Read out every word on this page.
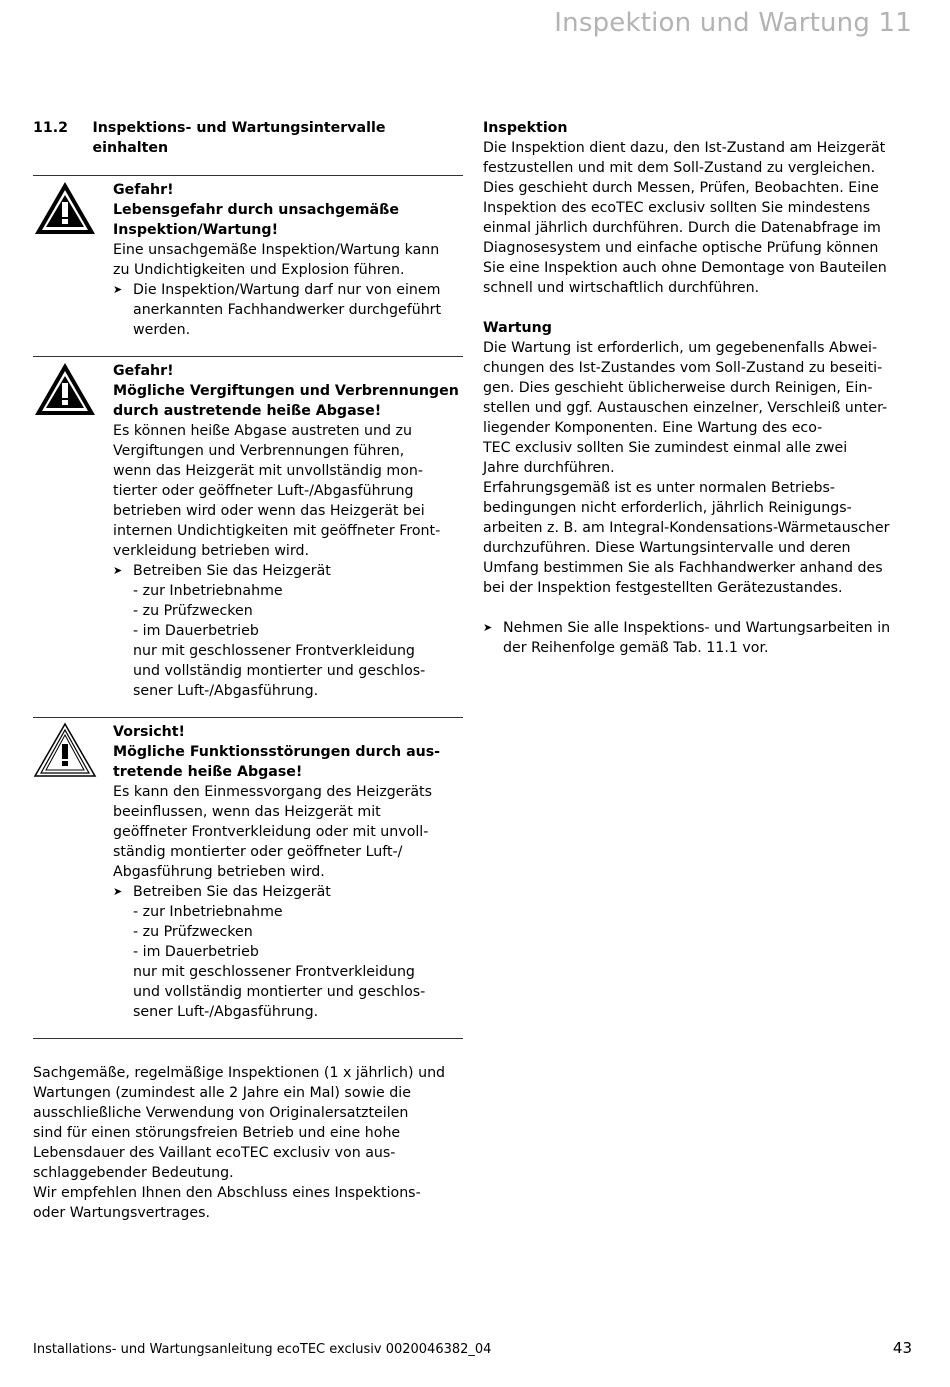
Inspektion und Wartung 11
11.2	Inspektions- und Wartungsintervalle einhalten
Gefahr!
Lebensgefahr durch unsachgemäße
Inspektion/Wartung!
Eine unsachgemäße Inspektion/Wartung kann
zu Undichtigkeiten und Explosion führen.
➤ Die Inspektion/Wartung darf nur von einem
anerkannten Fachhandwerker durchgeführt
werden.
Gefahr!
Mögliche Vergiftungen und Verbrennungen
durch austretende heiße Abgase!
Es können heiße Abgase austreten und zu
Vergiftungen und Verbrennungen führen,
wenn das Heizgerät mit unvollständig mon-
tierter oder geöffneter Luft-/Abgasführung
betrieben wird oder wenn das Heizgerät bei
internen Undichtigkeiten mit geöffneter Front-
verkleidung betrieben wird.
➤ Betreiben Sie das Heizgerät
- zur Inbetriebnahme
- zu Prüfzwecken
- im Dauerbetrieb
nur mit geschlossener Frontverkleidung
und vollständig montierter und geschlos-
sener Luft-/Abgasführung.
Vorsicht!
Mögliche Funktionsstörungen durch aus-
tretende heiße Abgase!
Es kann den Einmessvorgang des Heizgeräts
beeinflussen, wenn das Heizgerät mit
geöffneter Frontverkleidung oder mit unvoll-
ständig montierter oder geöffneter Luft-/
Abgasführung betrieben wird.
➤ Betreiben Sie das Heizgerät
- zur Inbetriebnahme
- zu Prüfzwecken
- im Dauerbetrieb
nur mit geschlossener Frontverkleidung
und vollständig montierter und geschlos-
sener Luft-/Abgasführung.
Sachgemäße, regelmäßige Inspektionen (1 x jährlich) und
Wartungen (zumindest alle 2 Jahre ein Mal) sowie die
ausschließliche Verwendung von Originalersatzteilen
sind für einen störungsfreien Betrieb und eine hohe
Lebensdauer des Vaillant ecoTEC exclusiv von aus-
schlaggebender Bedeutung.
Wir empfehlen Ihnen den Abschluss eines Inspektions-
oder Wartungsvertrages.
Inspektion
Die Inspektion dient dazu, den Ist-Zustand am Heizgerät
festzustellen und mit dem Soll-Zustand zu vergleichen.
Dies geschieht durch Messen, Prüfen, Beobachten. Eine
Inspektion des ecoTEC exclusiv sollten Sie mindestens
einmal jährlich durchführen. Durch die Datenabfrage im
Diagnosesystem und einfache optische Prüfung können
Sie eine Inspektion auch ohne Demontage von Bauteilen
schnell und wirtschaftlich durchführen.
Wartung
Die Wartung ist erforderlich, um gegebenenfalls Abwei-
chungen des Ist-Zustandes vom Soll-Zustand zu beseiti-
gen. Dies geschieht üblicherweise durch Reinigen, Ein-
stellen und ggf. Austauschen einzelner, Verschleiß unter-
liegender Komponenten. Eine Wartung des eco-
TEC exclusiv sollten Sie zumindest einmal alle zwei
Jahre durchführen.
Erfahrungsgemäß ist es unter normalen Betriebs-
bedingungen nicht erforderlich, jährlich Reinigungs-
arbeiten z. B. am Integral-Kondensations-Wärmetauscher
durchzuführen. Diese Wartungsintervalle und deren
Umfang bestimmen Sie als Fachhandwerker anhand des
bei der Inspektion festgestellten Gerätezustandes.
➤ Nehmen Sie alle Inspektions- und Wartungsarbeiten in
der Reihenfolge gemäß Tab. 11.1 vor.
Installations- und Wartungsanleitung ecoTEC exclusiv 0020046382_04	43
